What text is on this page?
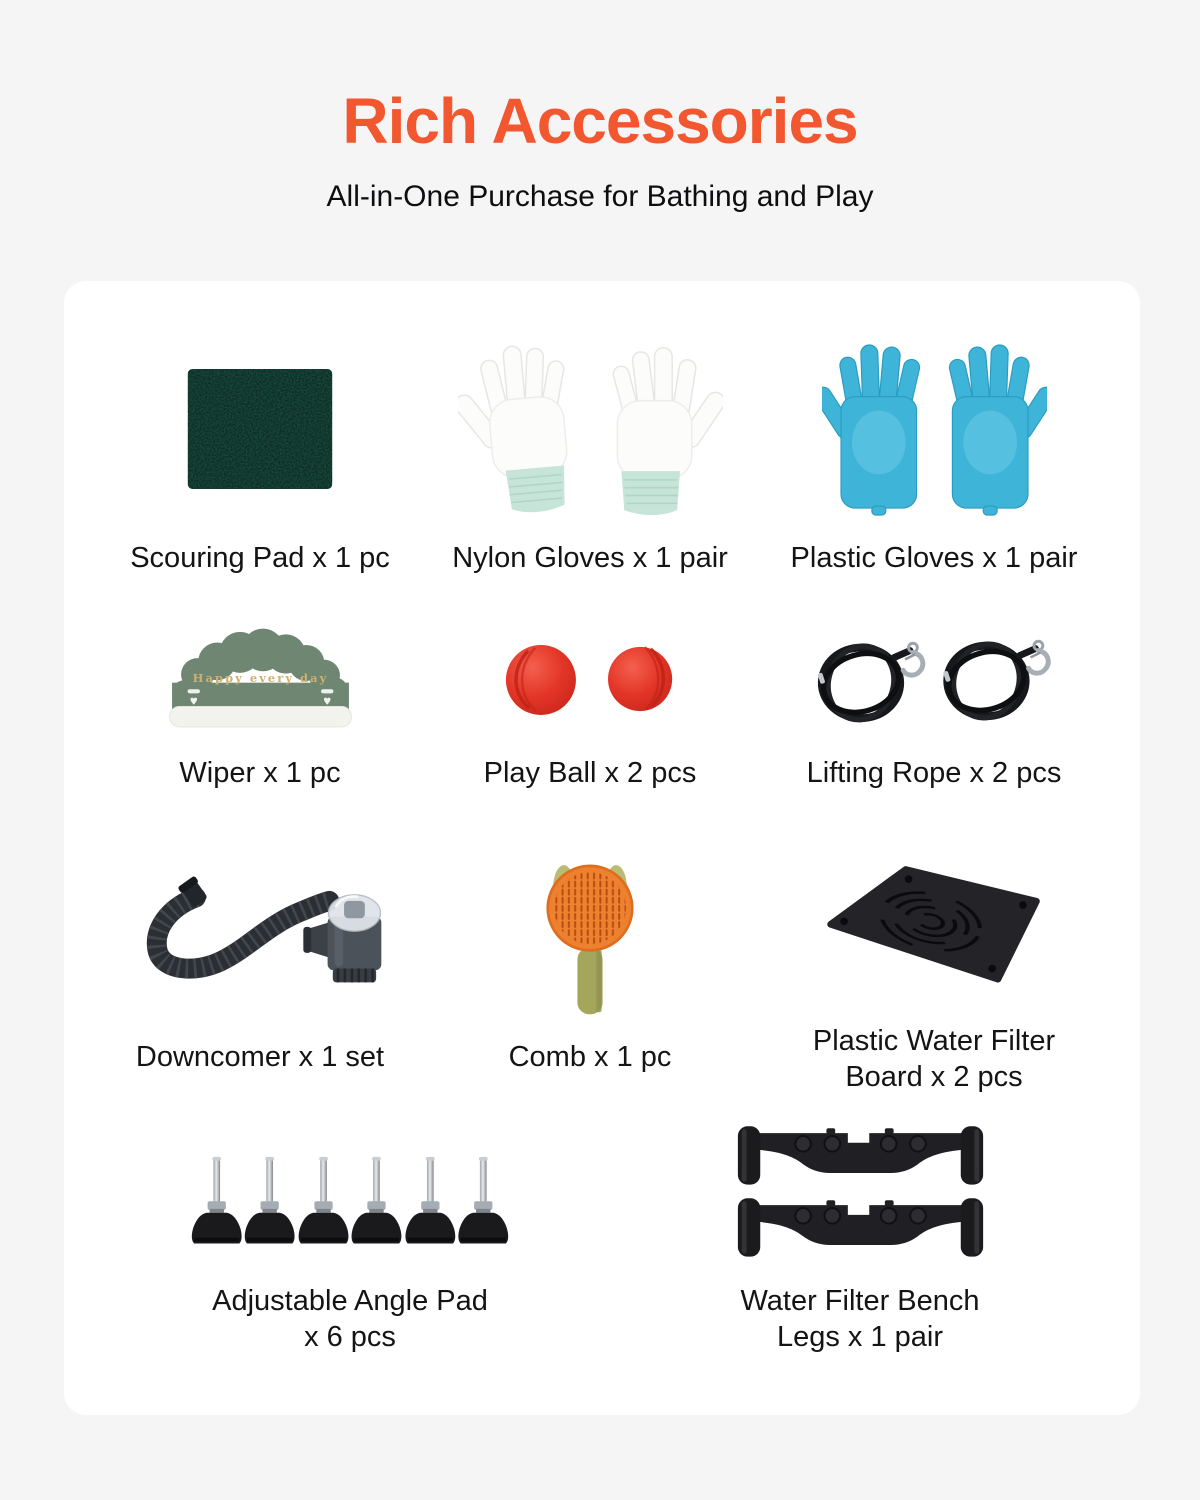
Rich Accessories

All-in-One Purchase for Bathing and Play

Scouring Pad x 1 pc Nylon Gloves x 1 pair Plastic Gloves x 1 pair
Happy every day
Wiper x 1 pc	Play Ball x 2 pcs	Lifting Rope x 2 pcs
Downcomer x 1 set	Comb x 1 pc	Plastic Water Filter
Board x 2 pcs
Adjustable Angle Pad
x 6 pcs
Water Filter Bench
Legs x 1 pair
